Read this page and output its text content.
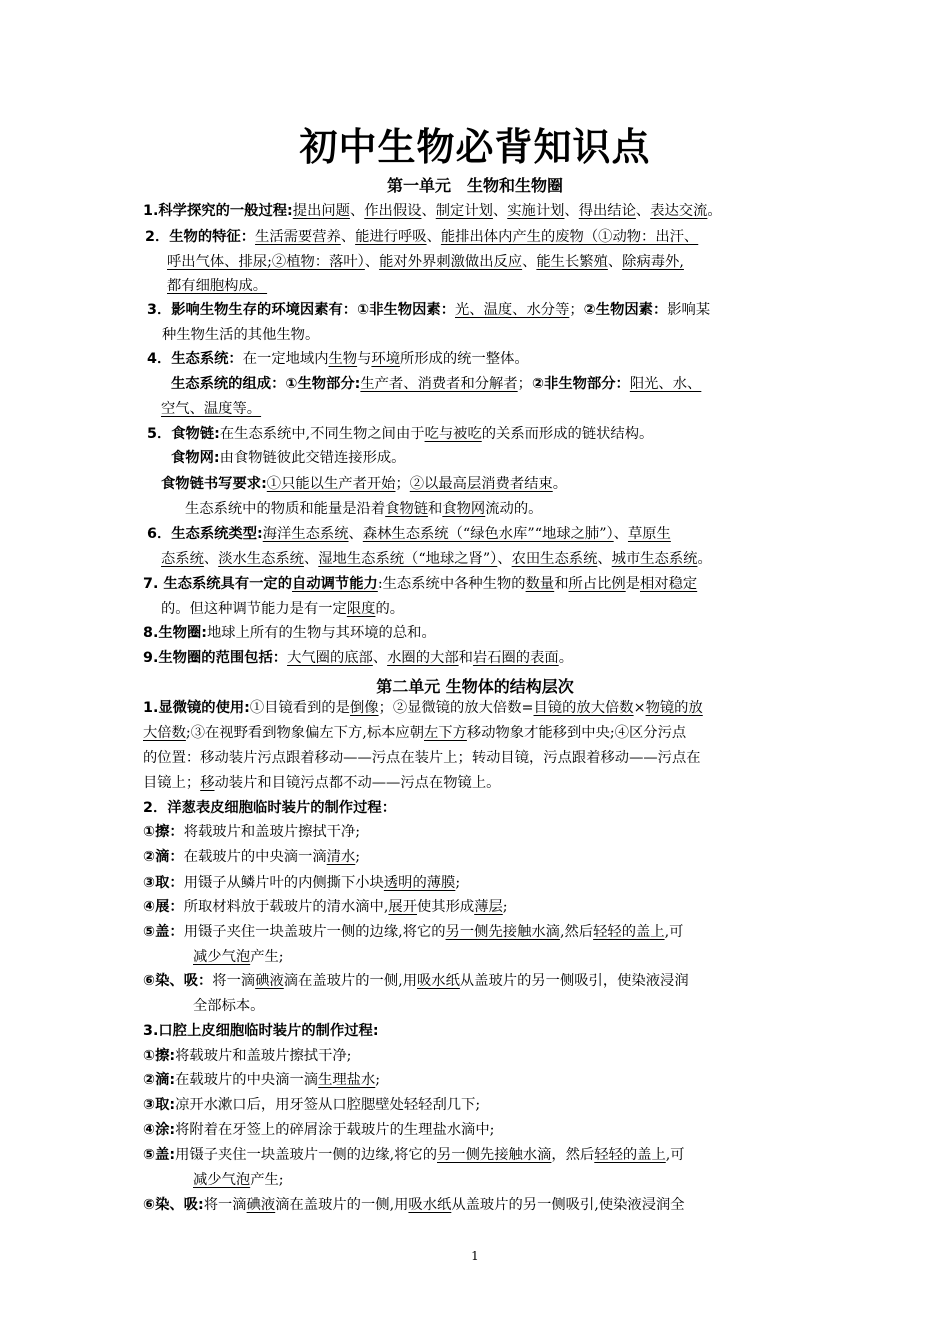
初中生物必背知识点
第一单元　生物和生物圈
1.科学探究的一般过程:提出问题、作出假设、制定计划、实施计划、得出结论、表达交流。
2．生物的特征：生活需要营养、能进行呼吸、能排出体内产生的废物（①动物：出汗、
呼出气体、排尿;②植物：落叶）、能对外界刺激做出反应、能生长繁殖、除病毒外,
都有细胞构成。
3．影响生物生存的环境因素有：①非生物因素：光、温度、水分等；②生物因素：影响某
种生物生活的其他生物。
4．生态系统：在一定地域内生物与环境所形成的统一整体。
生态系统的组成：①生物部分:生产者、消费者和分解者；②非生物部分：阳光、水、
空气、温度等。
5．食物链:在生态系统中,不同生物之间由于吃与被吃的关系而形成的链状结构。
食物网:由食物链彼此交错连接形成。
食物链书写要求:①只能以生产者开始；②以最高层消费者结束。
生态系统中的物质和能量是沿着食物链和食物网流动的。
6．生态系统类型:海洋生态系统、森林生态系统（“绿色水库”“地球之肺”）、草原生
态系统、淡水生态系统、湿地生态系统（“地球之肾”）、农田生态系统、城市生态系统。
7. 生态系统具有一定的自动调节能力:生态系统中各种生物的数量和所占比例是相对稳定
的。但这种调节能力是有一定限度的。
8.生物圈:地球上所有的生物与其环境的总和。
9.生物圈的范围包括：大气圈的底部、水圈的大部和岩石圈的表面。
第二单元 生物体的结构层次
1.显微镜的使用:①目镜看到的是倒像；②显微镜的放大倍数=目镜的放大倍数×物镜的放
大倍数;③在视野看到物象偏左下方,标本应朝左下方移动物象才能移到中央;④区分污点
的位置：移动装片污点跟着移动——污点在装片上；转动目镜，污点跟着移动——污点在
目镜上；移动装片和目镜污点都不动——污点在物镜上。
2．洋葱表皮细胞临时装片的制作过程：
①擦：将载玻片和盖玻片擦拭干净;
②滴：在载玻片的中央滴一滴清水;
③取：用镊子从鳞片叶的内侧撕下小块透明的薄膜;
④展：所取材料放于载玻片的清水滴中,展开使其形成薄层;
⑤盖：用镊子夹住一块盖玻片一侧的边缘,将它的另一侧先接触水滴,然后轻轻的盖上,可
减少气泡产生;
⑥染、吸：将一滴碘液滴在盖玻片的一侧,用吸水纸从盖玻片的另一侧吸引，使染液浸润
全部标本。
3.口腔上皮细胞临时装片的制作过程:
①擦:将载玻片和盖玻片擦拭干净;
②滴:在载玻片的中央滴一滴生理盐水;
③取:凉开水漱口后，用牙签从口腔腮壁处轻轻刮几下;
④涂:将附着在牙签上的碎屑涂于载玻片的生理盐水滴中;
⑤盖:用镊子夹住一块盖玻片一侧的边缘,将它的另一侧先接触水滴，然后轻轻的盖上,可
减少气泡产生;
⑥染、吸:将一滴碘液滴在盖玻片的一侧,用吸水纸从盖玻片的另一侧吸引,使染液浸润全
1
